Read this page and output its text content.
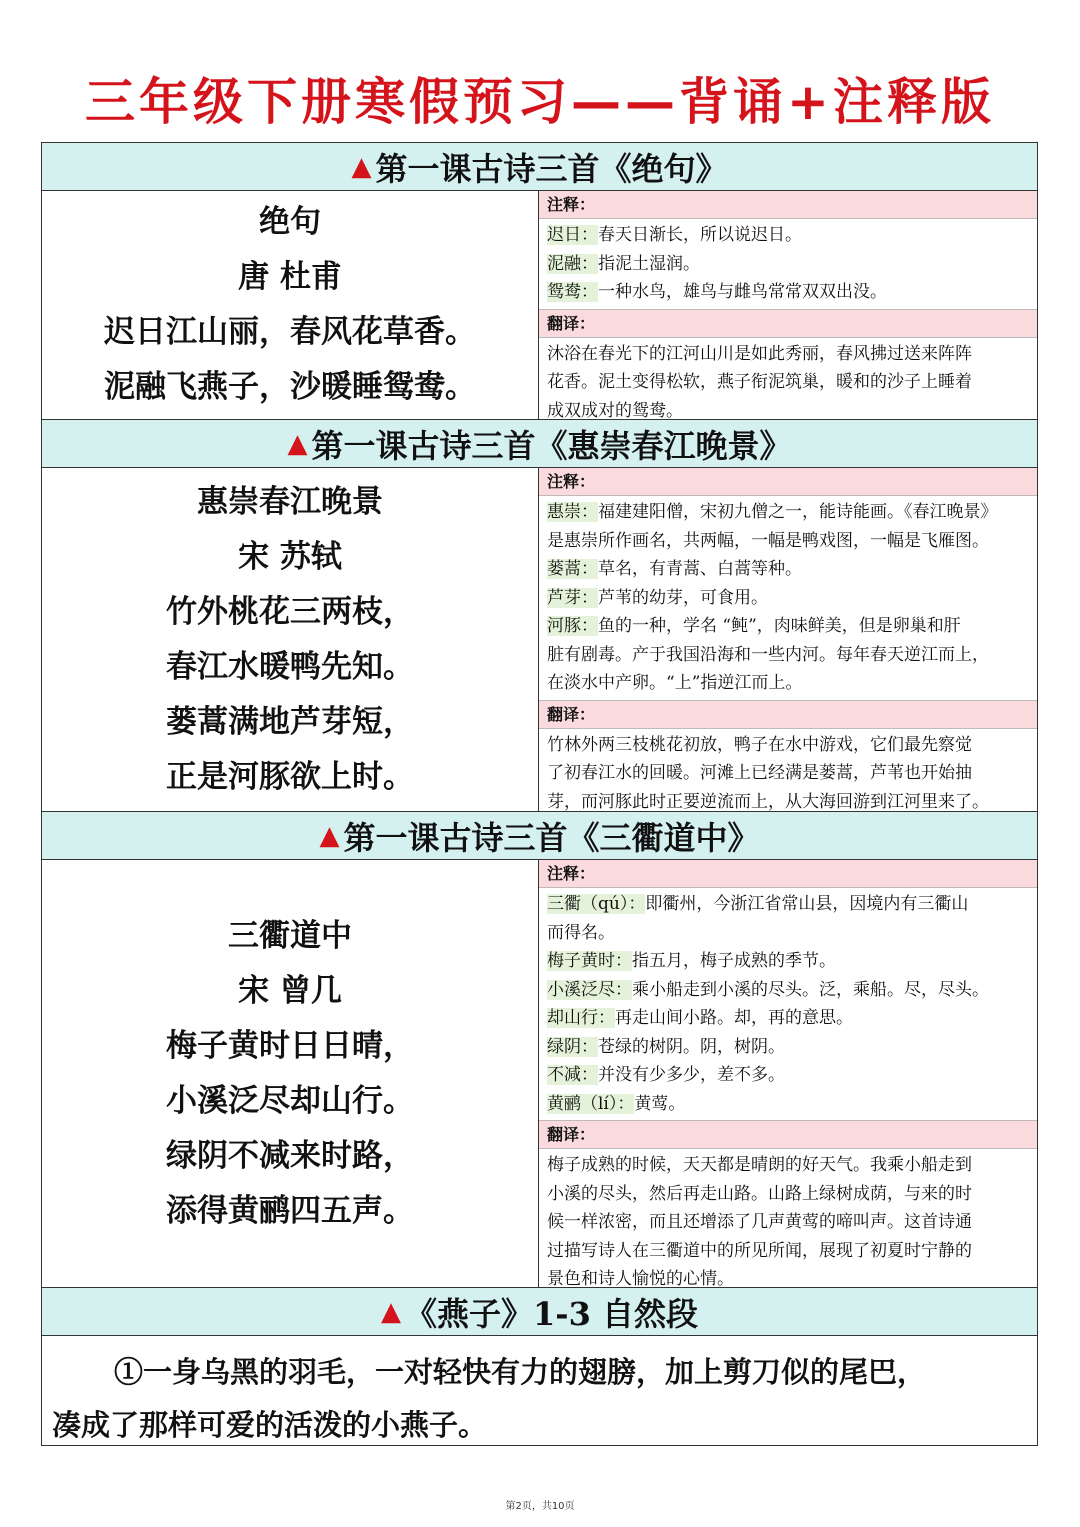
三年级下册寒假预习——背诵+注释版
▲ 第一课古诗三首《绝句》
绝句
唐 杜甫
迟日江山丽，春风花草香。
泥融飞燕子，沙暖睡鸳鸯。
注释：
迟日：春天日渐长，所以说迟日。
泥融：指泥土湿润。
鸳鸯：一种水鸟，雄鸟与雌鸟常常双双出没。
翻译：
沐浴在春光下的江河山川是如此秀丽，春风拂过送来阵阵
花香。泥土变得松软，燕子衔泥筑巢，暖和的沙子上睡着
成双成对的鸳鸯。
▲ 第一课古诗三首《惠崇春江晚景》
惠崇春江晚景
宋 苏轼
竹外桃花三两枝，
春江水暖鸭先知。
蒌蒿满地芦芽短，
正是河豚欲上时。
注释：
惠崇：福建建阳僧，宋初九僧之一，能诗能画。《春江晚景》
是惠崇所作画名，共两幅，一幅是鸭戏图，一幅是飞雁图。
蒌蒿：草名，有青蒿、白蒿等种。
芦芽：芦苇的幼芽，可食用。
河豚：鱼的一种，学名 “鲀”，肉味鲜美，但是卵巢和肝
脏有剧毒。产于我国沿海和一些内河。每年春天逆江而上，
在淡水中产卵。“上”指逆江而上。
翻译：
竹林外两三枝桃花初放，鸭子在水中游戏，它们最先察觉
了初春江水的回暖。河滩上已经满是蒌蒿，芦苇也开始抽
芽，而河豚此时正要逆流而上，从大海回游到江河里来了。
▲ 第一课古诗三首《三衢道中》
三衢道中
宋 曾几
梅子黄时日日晴，
小溪泛尽却山行。
绿阴不减来时路，
添得黄鹂四五声。
注释：
三衢（qú）：即衢州，今浙江省常山县，因境内有三衢山
而得名。
梅子黄时：指五月，梅子成熟的季节。
小溪泛尽：乘小船走到小溪的尽头。泛，乘船。尽，尽头。
却山行：再走山间小路。却，再的意思。
绿阴：苍绿的树阴。阴，树阴。
不减：并没有少多少，差不多。
黄鹂（lí）：黄莺。
翻译：
梅子成熟的时候，天天都是晴朗的好天气。我乘小船走到
小溪的尽头，然后再走山路。山路上绿树成荫，与来的时
候一样浓密，而且还增添了几声黄莺的啼叫声。这首诗通
过描写诗人在三衢道中的所见所闻，展现了初夏时宁静的
景色和诗人愉悦的心情。
▲ 《燕子》1-3 自然段
①一身乌黑的羽毛，一对轻快有力的翅膀，加上剪刀似的尾巴，
凑成了那样可爱的活泼的小燕子。
第2页，共10页
